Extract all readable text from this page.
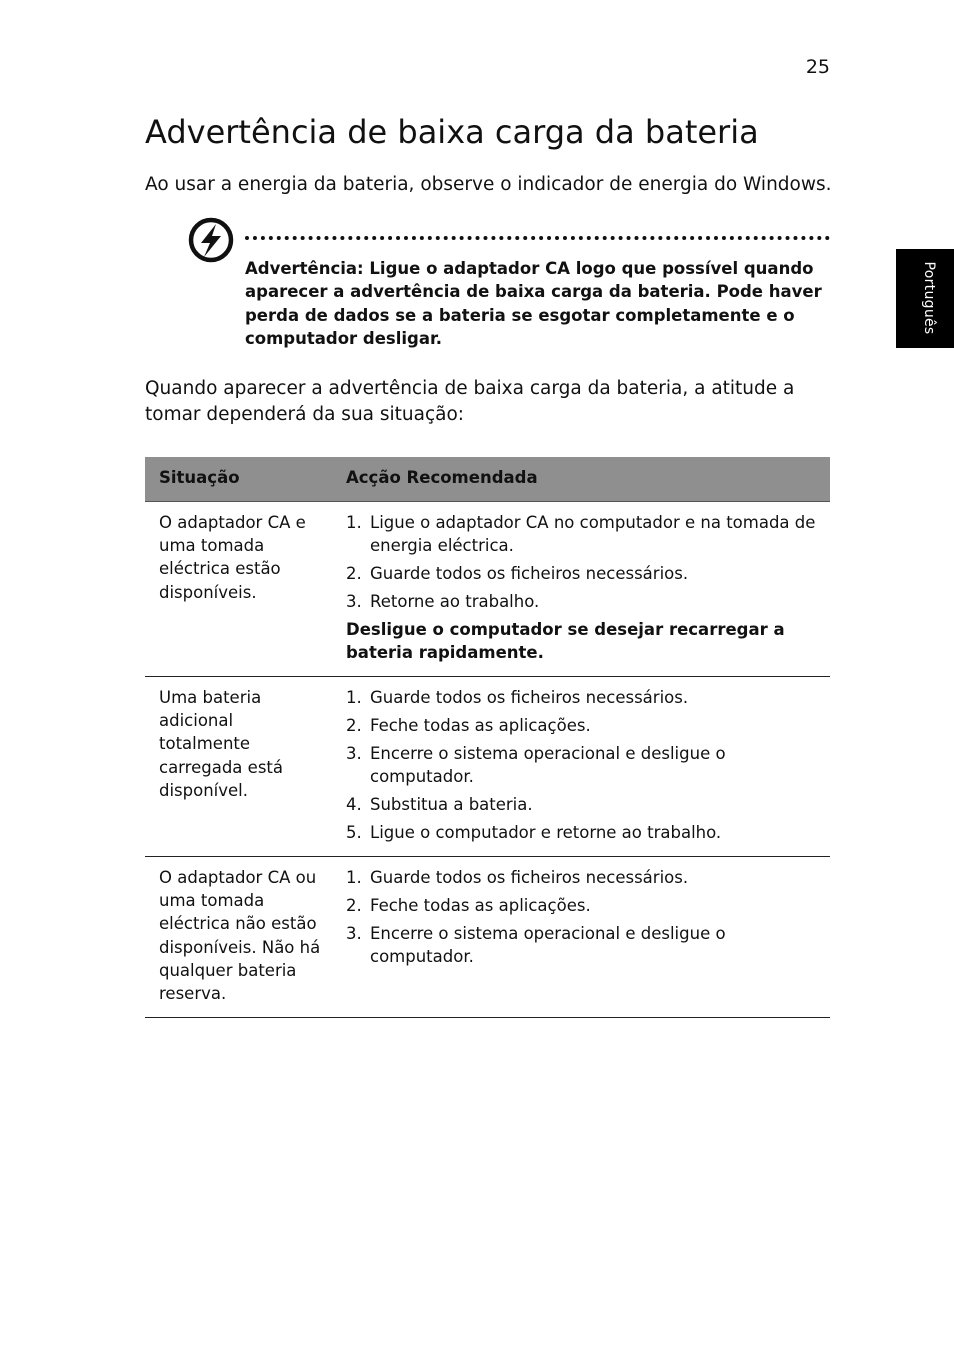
25
Português
Advertência de baixa carga da bateria

Ao usar a energia da bateria, observe o indicador de energia do Windows.

Advertência: Ligue o adaptador CA logo que possível quando aparecer a advertência de baixa carga da bateria. Pode haver perda de dados se a bateria se esgotar completamente e o computador desligar.

Quando aparecer a advertência de baixa carga da bateria, a atitude a tomar dependerá da sua situação:

Situação	Acção Recomendada
O adaptador CA e uma tomada eléctrica estão disponíveis.
1. Ligue o adaptador CA no computador e na tomada de energia eléctrica.
2. Guarde todos os ficheiros necessários.
3. Retorne ao trabalho.
Desligue o computador se desejar recarregar a bateria rapidamente.
Uma bateria adicional totalmente carregada está disponível.
1. Guarde todos os ficheiros necessários.
2. Feche todas as aplicações.
3. Encerre o sistema operacional e desligue o computador.
4. Substitua a bateria.
5. Ligue o computador e retorne ao trabalho.
O adaptador CA ou uma tomada eléctrica não estão disponíveis. Não há qualquer bateria reserva.
1. Guarde todos os ficheiros necessários.
2. Feche todas as aplicações.
3. Encerre o sistema operacional e desligue o computador.
